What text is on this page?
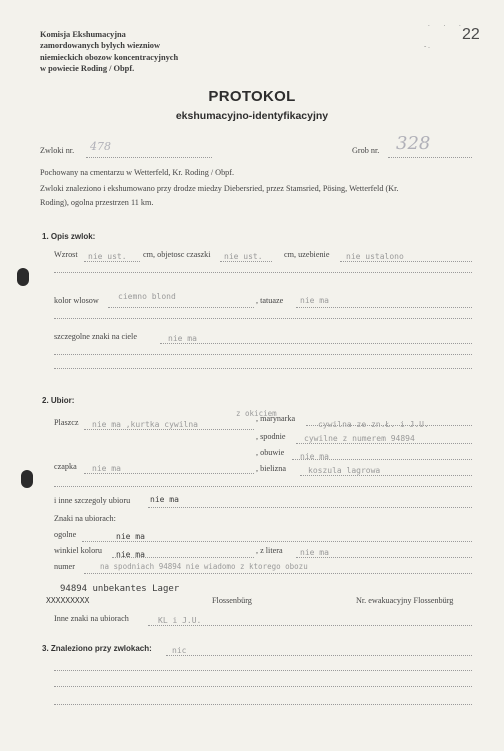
Komisja Ekshumacyjna
zamordowanych bylych wiezniow
niemieckich obozow koncentracyjnych
w powiecie Roding / Obpf.
. . .
- .
22
PROTOKOL
ekshumacyjno-identyfikacyjny
Zwloki nr. 478	Grob nr. 328
Pochowany na cmentarzu w Wetterfeld, Kr. Roding / Obpf.
Zwloki znaleziono i ekshumowano przy drodze miedzy Diebersried, przez Stamsried, Pösing, Wetterfeld (Kr.
Roding), ogolna przestrzen 11 km.
1. Opis zwlok:
Wzrost nie ust. cm, objetosc czaszki nie ust.	cm, uzebienie nie ustalono
kolor wlosow ciemno blond	, tatuaze nie ma
szczegolne znaki na ciele	nie ma
2. Ubior:
z okiciem
Plaszcz nie ma ,kurtka cywilna
, marynarka
cywilna ze zn.Ł. i J.U.
, spodnie cywilne z numerem 94894
, obuwie nie ma
czapka nie ma	, bielizna	koszula lagrowa
i inne szczegoly ubioru nie ma
Znaki na ubiorach:
ogolne	nie ma
winkiel koloru nie ma	, z litera nie ma
numer	na spodniach 94894 nie wiadomo z ktorego obozu
94894 unbekantes Lager
XXXXXXXXX	Flossenbürg	Nr. ewakuacyjny Flossenbürg
Inne znaki na ubiorach	KL i J.U.
3. Znaleziono przy zwlokach:	nic
